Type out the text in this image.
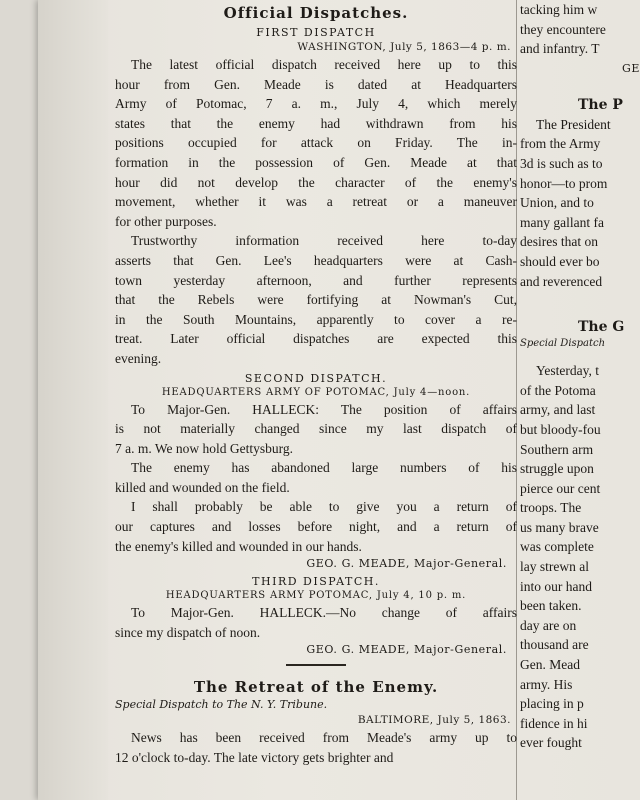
Official Dispatches.
FIRST DISPATCH
WASHINGTON, July 5, 1863—4 p. m.
The latest official dispatch received here up to this
hour from Gen. Meade is dated at Headquarters
Army of Potomac, 7 a. m., July 4, which merely
states that the enemy had withdrawn from his
positions occupied for attack on Friday. The in-
formation in the possession of Gen. Meade at that
hour did not develop the character of the enemy's
movement, whether it was a retreat or a maneuver
for other purposes.
Trustworthy information received here to-day
asserts that Gen. Lee's headquarters were at Cash-
town yesterday afternoon, and further represents
that the Rebels were fortifying at Nowman's Cut,
in the South Mountains, apparently to cover a re-
treat. Later official dispatches are expected this
evening.
SECOND DISPATCH.
HEADQUARTERS ARMY OF POTOMAC, July 4—noon.
To Major-Gen. HALLECK: The position of affairs
is not materially changed since my last dispatch of
7 a. m. We now hold Gettysburg.
The enemy has abandoned large numbers of his
killed and wounded on the field.
I shall probably be able to give you a return of
our captures and losses before night, and a return of
the enemy's killed and wounded in our hands.
GEO. G. MEADE, Major-General.
THIRD DISPATCH.
HEADQUARTERS ARMY POTOMAC, July 4, 10 p. m.
To Major-Gen. HALLECK.—No change of affairs
since my dispatch of noon.
GEO. G. MEADE, Major-General.
The Retreat of the Enemy.
Special Dispatch to The N. Y. Tribune.
BALTIMORE, July 5, 1863.
News has been received from Meade's army up to
12 o'clock to-day. The late victory gets brighter and
tacking him w
they encountere
and infantry. T
GE
The P
The President
from the Army
3d is such as to
honor—to prom
Union, and to
many gallant fa
desires that on
should ever bo
and reverenced
The G
Special Dispatch
Yesterday, t
of the Potoma
army, and last
but bloody-fou
Southern arm
struggle upon
pierce our cent
troops. The
us many brave
was complete
lay strewn al
into our hand
been taken.
day are on
thousand are
Gen. Mead
army. His
placing in p
fidence in hi
ever fought
